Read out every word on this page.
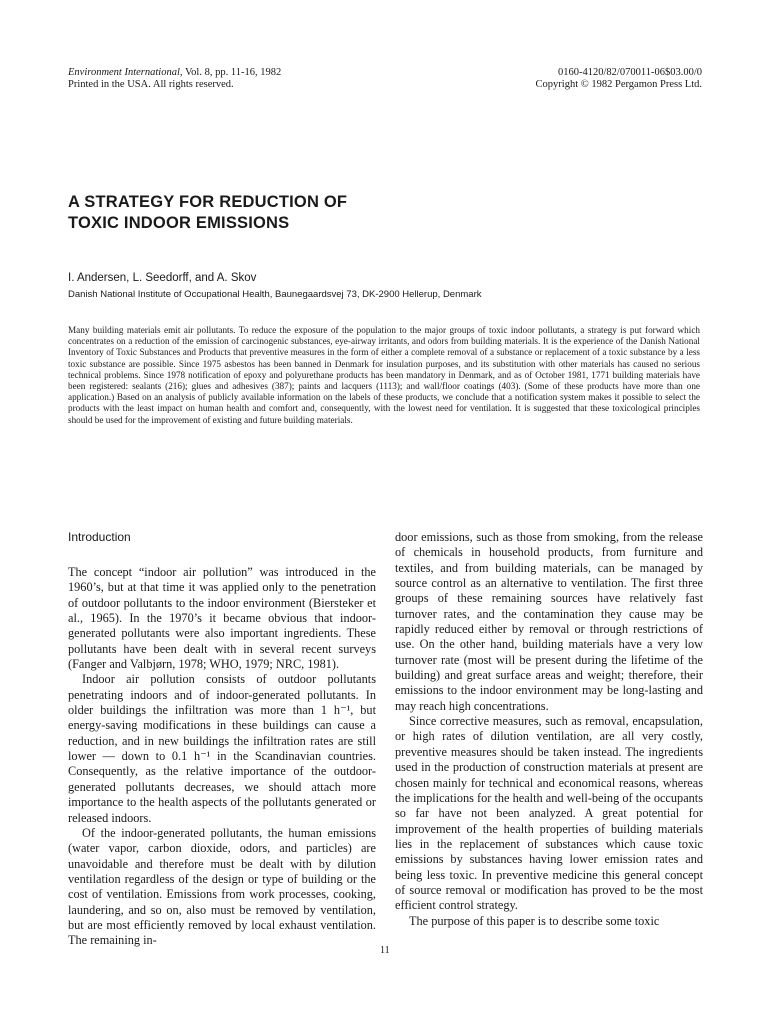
Environment International, Vol. 8, pp. 11-16, 1982
Printed in the USA. All rights reserved.
0160-4120/82/070011-06$03.00/0
Copyright © 1982 Pergamon Press Ltd.
A STRATEGY FOR REDUCTION OF
TOXIC INDOOR EMISSIONS
I. Andersen, L. Seedorff, and A. Skov
Danish National Institute of Occupational Health, Baunegaardsvej 73, DK-2900 Hellerup, Denmark

Many building materials emit air pollutants. To reduce the exposure of the population to the major groups of toxic indoor pollutants, a strategy is put forward which concentrates on a reduction of the emission of carcinogenic substances, eye-airway irritants, and odors from building materials. It is the experience of the Danish National Inventory of Toxic Substances and Products that preventive measures in the form of either a complete removal of a substance or replacement of a toxic substance by a less toxic substance are possible. Since 1975 asbestos has been banned in Denmark for insulation purposes, and its substitution with other materials has caused no serious technical problems. Since 1978 notification of epoxy and polyurethane products has been mandatory in Denmark, and as of October 1981, 1771 building materials have been registered: sealants (216); glues and adhesives (387); paints and lacquers (1113); and wall/floor coatings (403). (Some of these products have more than one application.) Based on an analysis of publicly available information on the labels of these products, we conclude that a notification system makes it possible to select the products with the least impact on human health and comfort and, consequently, with the lowest need for ventilation. It is suggested that these toxicological principles should be used for the improvement of existing and future building materials.

Introduction

The concept “indoor air pollution” was introduced in the 1960’s, but at that time it was applied only to the penetration of outdoor pollutants to the indoor environment (Biersteker et al., 1965). In the 1970’s it became obvious that indoor-generated pollutants were also important ingredients. These pollutants have been dealt with in several recent surveys (Fanger and Valbjørn, 1978; WHO, 1979; NRC, 1981).

Indoor air pollution consists of outdoor pollutants penetrating indoors and of indoor-generated pollutants. In older buildings the infiltration was more than 1 h⁻¹, but energy-saving modifications in these buildings can cause a reduction, and in new buildings the infiltration rates are still lower — down to 0.1 h⁻¹ in the Scandinavian countries. Consequently, as the relative importance of the outdoor-generated pollutants decreases, we should attach more importance to the health aspects of the pollutants generated or released indoors.

Of the indoor-generated pollutants, the human emissions (water vapor, carbon dioxide, odors, and particles) are unavoidable and therefore must be dealt with by dilution ventilation regardless of the design or type of building or the cost of ventilation. Emissions from work processes, cooking, laundering, and so on, also must be removed by ventilation, but are most efficiently removed by local exhaust ventilation. The remaining in-

door emissions, such as those from smoking, from the release of chemicals in household products, from furniture and textiles, and from building materials, can be managed by source control as an alternative to ventilation. The first three groups of these remaining sources have relatively fast turnover rates, and the contamination they cause may be rapidly reduced either by removal or through restrictions of use. On the other hand, building materials have a very low turnover rate (most will be present during the lifetime of the building) and great surface areas and weight; therefore, their emissions to the indoor environment may be long-lasting and may reach high concentrations.

Since corrective measures, such as removal, encapsulation, or high rates of dilution ventilation, are all very costly, preventive measures should be taken instead. The ingredients used in the production of construction materials at present are chosen mainly for technical and economical reasons, whereas the implications for the health and well-being of the occupants so far have not been analyzed. A great potential for improvement of the health properties of building materials lies in the replacement of substances which cause toxic emissions by substances having lower emission rates and being less toxic. In preventive medicine this general concept of source removal or modification has proved to be the most efficient control strategy.

The purpose of this paper is to describe some toxic

11
